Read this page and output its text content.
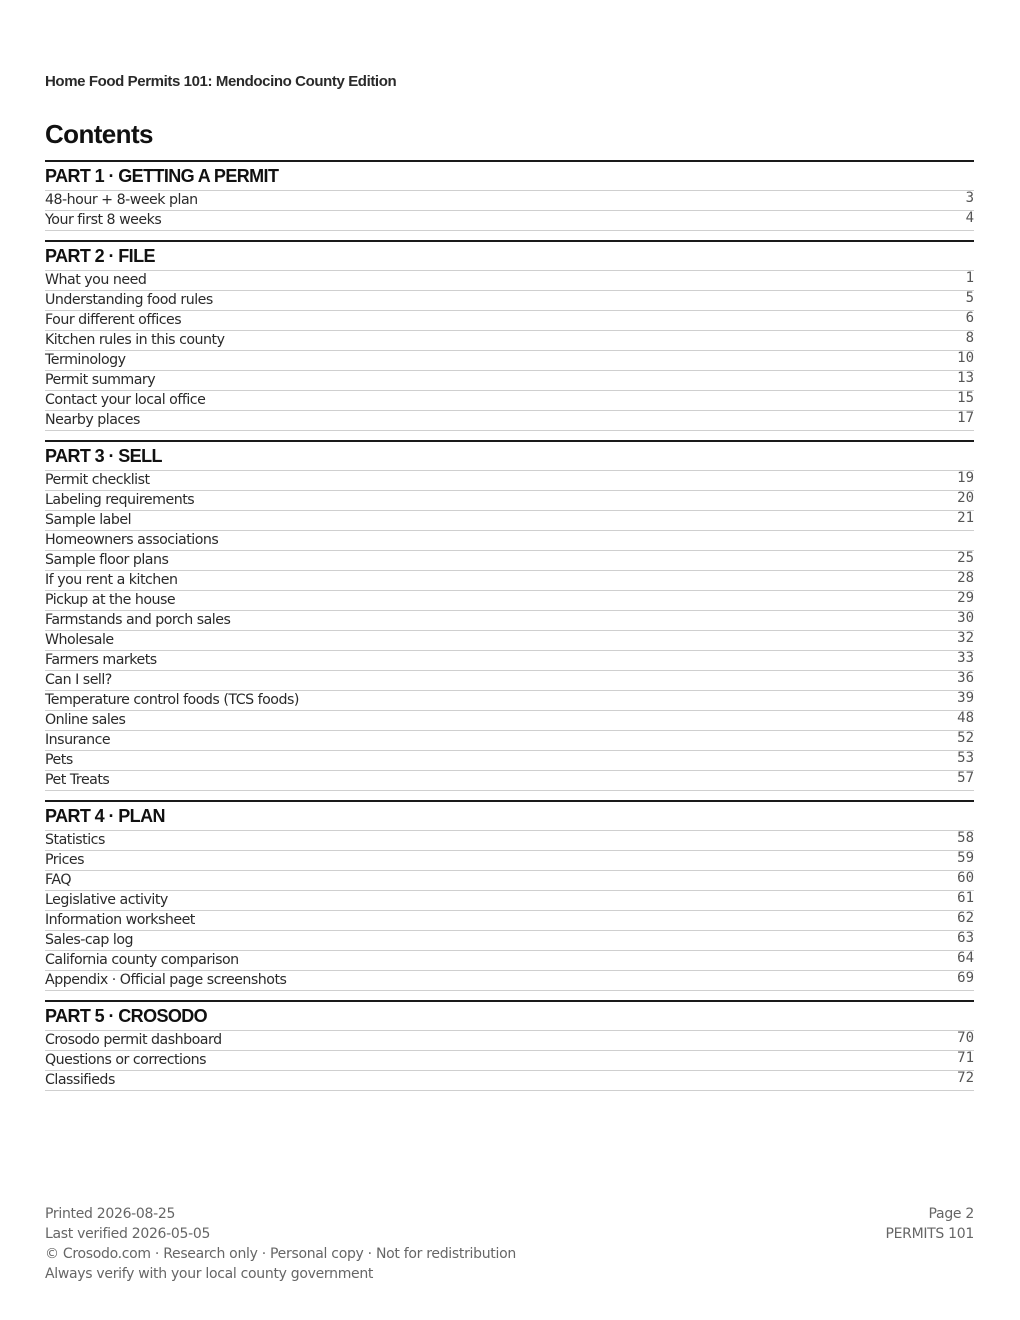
Home Food Permits 101: Mendocino County Edition
Contents
PART 1 · GETTING A PERMIT
48-hour + 8-week plan	3
Your first 8 weeks	4
PART 2 · FILE
What you need	1
Understanding food rules	5
Four different offices	6
Kitchen rules in this county	8
Terminology	10
Permit summary	13
Contact your local office	15
Nearby places	17
PART 3 · SELL
Permit checklist	19
Labeling requirements	20
Sample label	21
Homeowners associations
Sample floor plans	25
If you rent a kitchen	28
Pickup at the house	29
Farmstands and porch sales	30
Wholesale	32
Farmers markets	33
Can I sell?	36
Temperature control foods (TCS foods)	39
Online sales	48
Insurance	52
Pets	53
Pet Treats	57
PART 4 · PLAN
Statistics	58
Prices	59
FAQ	60
Legislative activity	61
Information worksheet	62
Sales-cap log	63
California county comparison	64
Appendix · Official page screenshots	69
PART 5 · CROSODO
Crosodo permit dashboard	70
Questions or corrections	71
Classifieds	72
Printed 2026-08-25
Last verified 2026-05-05
© Crosodo.com · Research only · Personal copy · Not for redistribution
Always verify with your local county government
Page 2
PERMITS 101
